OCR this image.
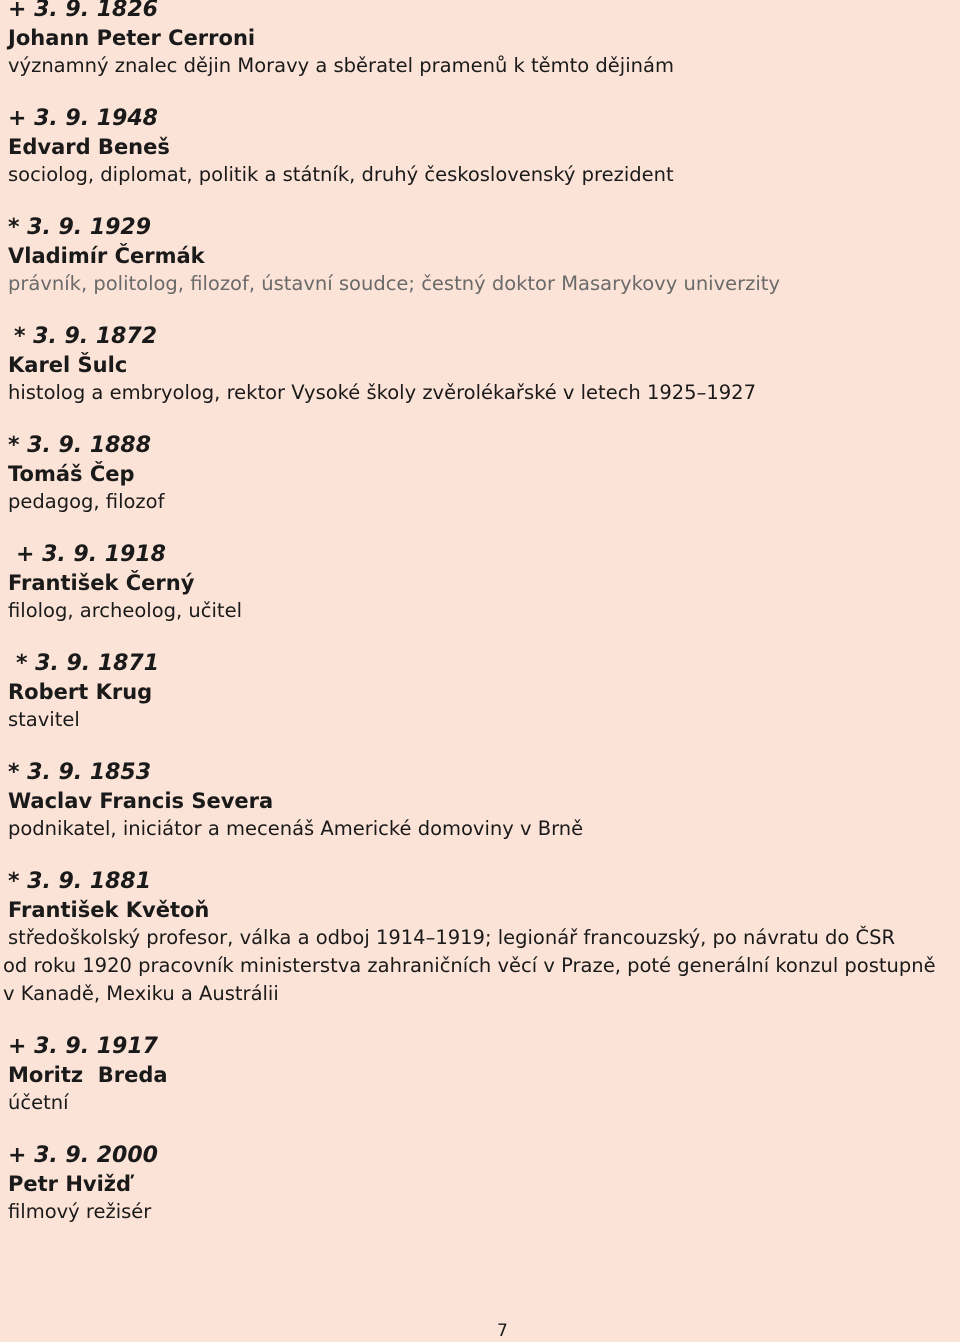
+ 3. 9. 1826
Johann Peter Cerroni
významný znalec dějin Moravy a sběratel pramenů k těmto dějinám
+ 3. 9. 1948
Edvard Beneš
sociolog, diplomat, politik a státník, druhý československý prezident
* 3. 9. 1929
Vladimír Čermák
právník, politolog, filozof, ústavní soudce; čestný doktor Masarykovy univerzity
* 3. 9. 1872
Karel Šulc
histolog a embryolog, rektor Vysoké školy zvěrolékařské v letech 1925–1927
* 3. 9. 1888
Tomáš Čep
pedagog, filozof
+ 3. 9. 1918
František Černý
filolog, archeolog, učitel
* 3. 9. 1871
Robert Krug
stavitel
* 3. 9. 1853
Waclav Francis Severa
podnikatel, iniciátor a mecenáš Americké domoviny v Brně
* 3. 9. 1881
František Květoň
středoškolský profesor, válka a odboj 1914–1919; legionář francouzský, po návratu do ČSR
od roku 1920 pracovník ministerstva zahraničních věcí v Praze, poté generální konzul postupně
v Kanadě, Mexiku a Austrálii
+ 3. 9. 1917
Moritz  Breda
účetní
+ 3. 9. 2000
Petr Hvižď
filmový režisér
7
